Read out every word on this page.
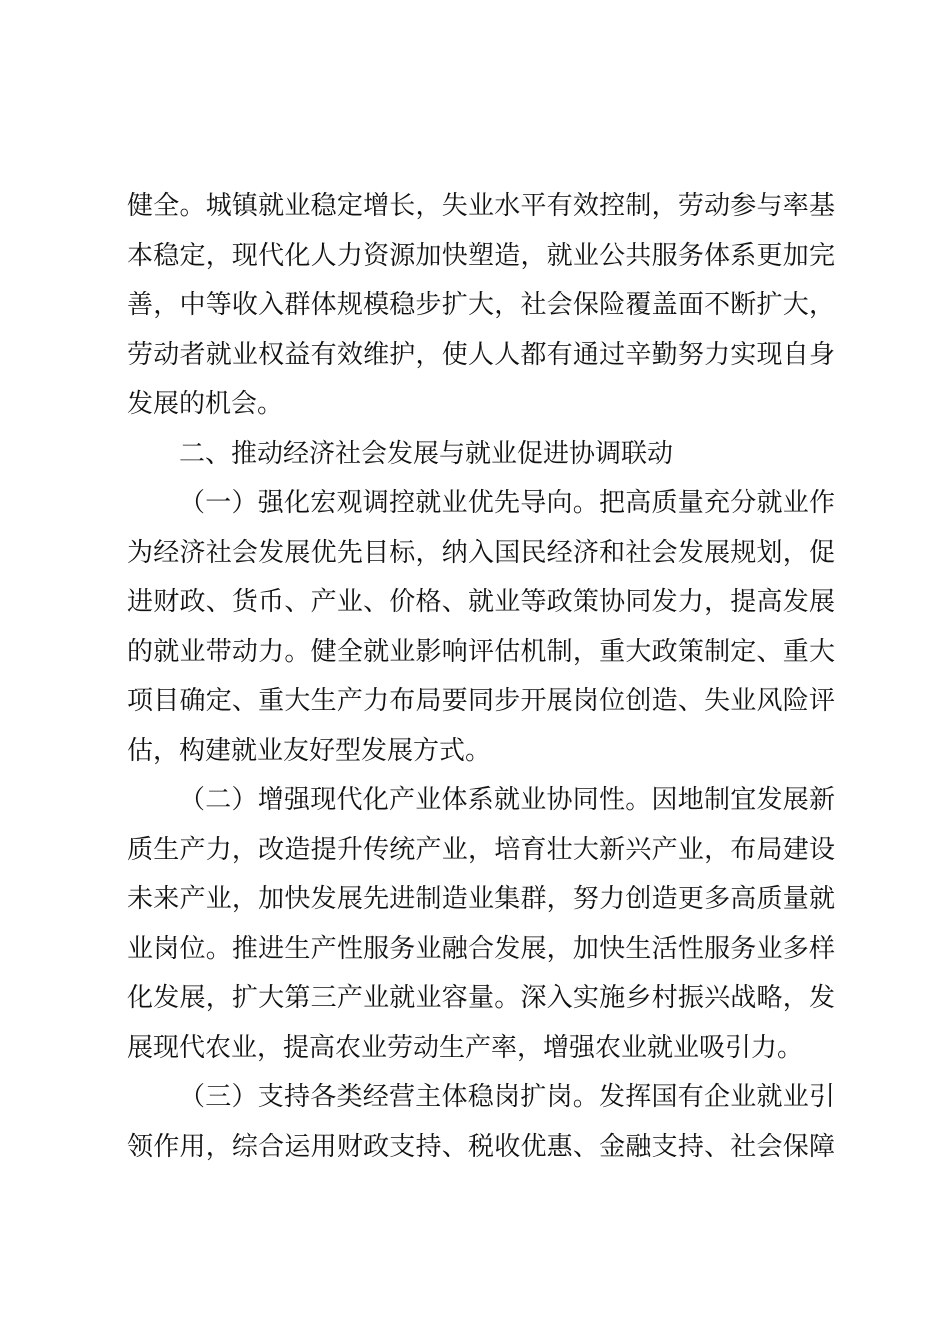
健全。城镇就业稳定增长，失业水平有效控制，劳动参与率基
本稳定，现代化人力资源加快塑造，就业公共服务体系更加完
善，中等收入群体规模稳步扩大，社会保险覆盖面不断扩大，
劳动者就业权益有效维护，使人人都有通过辛勤努力实现自身
发展的机会。
二、推动经济社会发展与就业促进协调联动
（一）强化宏观调控就业优先导向。把高质量充分就业作
为经济社会发展优先目标，纳入国民经济和社会发展规划，促
进财政、货币、产业、价格、就业等政策协同发力，提高发展
的就业带动力。健全就业影响评估机制，重大政策制定、重大
项目确定、重大生产力布局要同步开展岗位创造、失业风险评
估，构建就业友好型发展方式。
（二）增强现代化产业体系就业协同性。因地制宜发展新
质生产力，改造提升传统产业，培育壮大新兴产业，布局建设
未来产业，加快发展先进制造业集群，努力创造更多高质量就
业岗位。推进生产性服务业融合发展，加快生活性服务业多样
化发展，扩大第三产业就业容量。深入实施乡村振兴战略，发
展现代农业，提高农业劳动生产率，增强农业就业吸引力。
（三）支持各类经营主体稳岗扩岗。发挥国有企业就业引
领作用，综合运用财政支持、税收优惠、金融支持、社会保障
